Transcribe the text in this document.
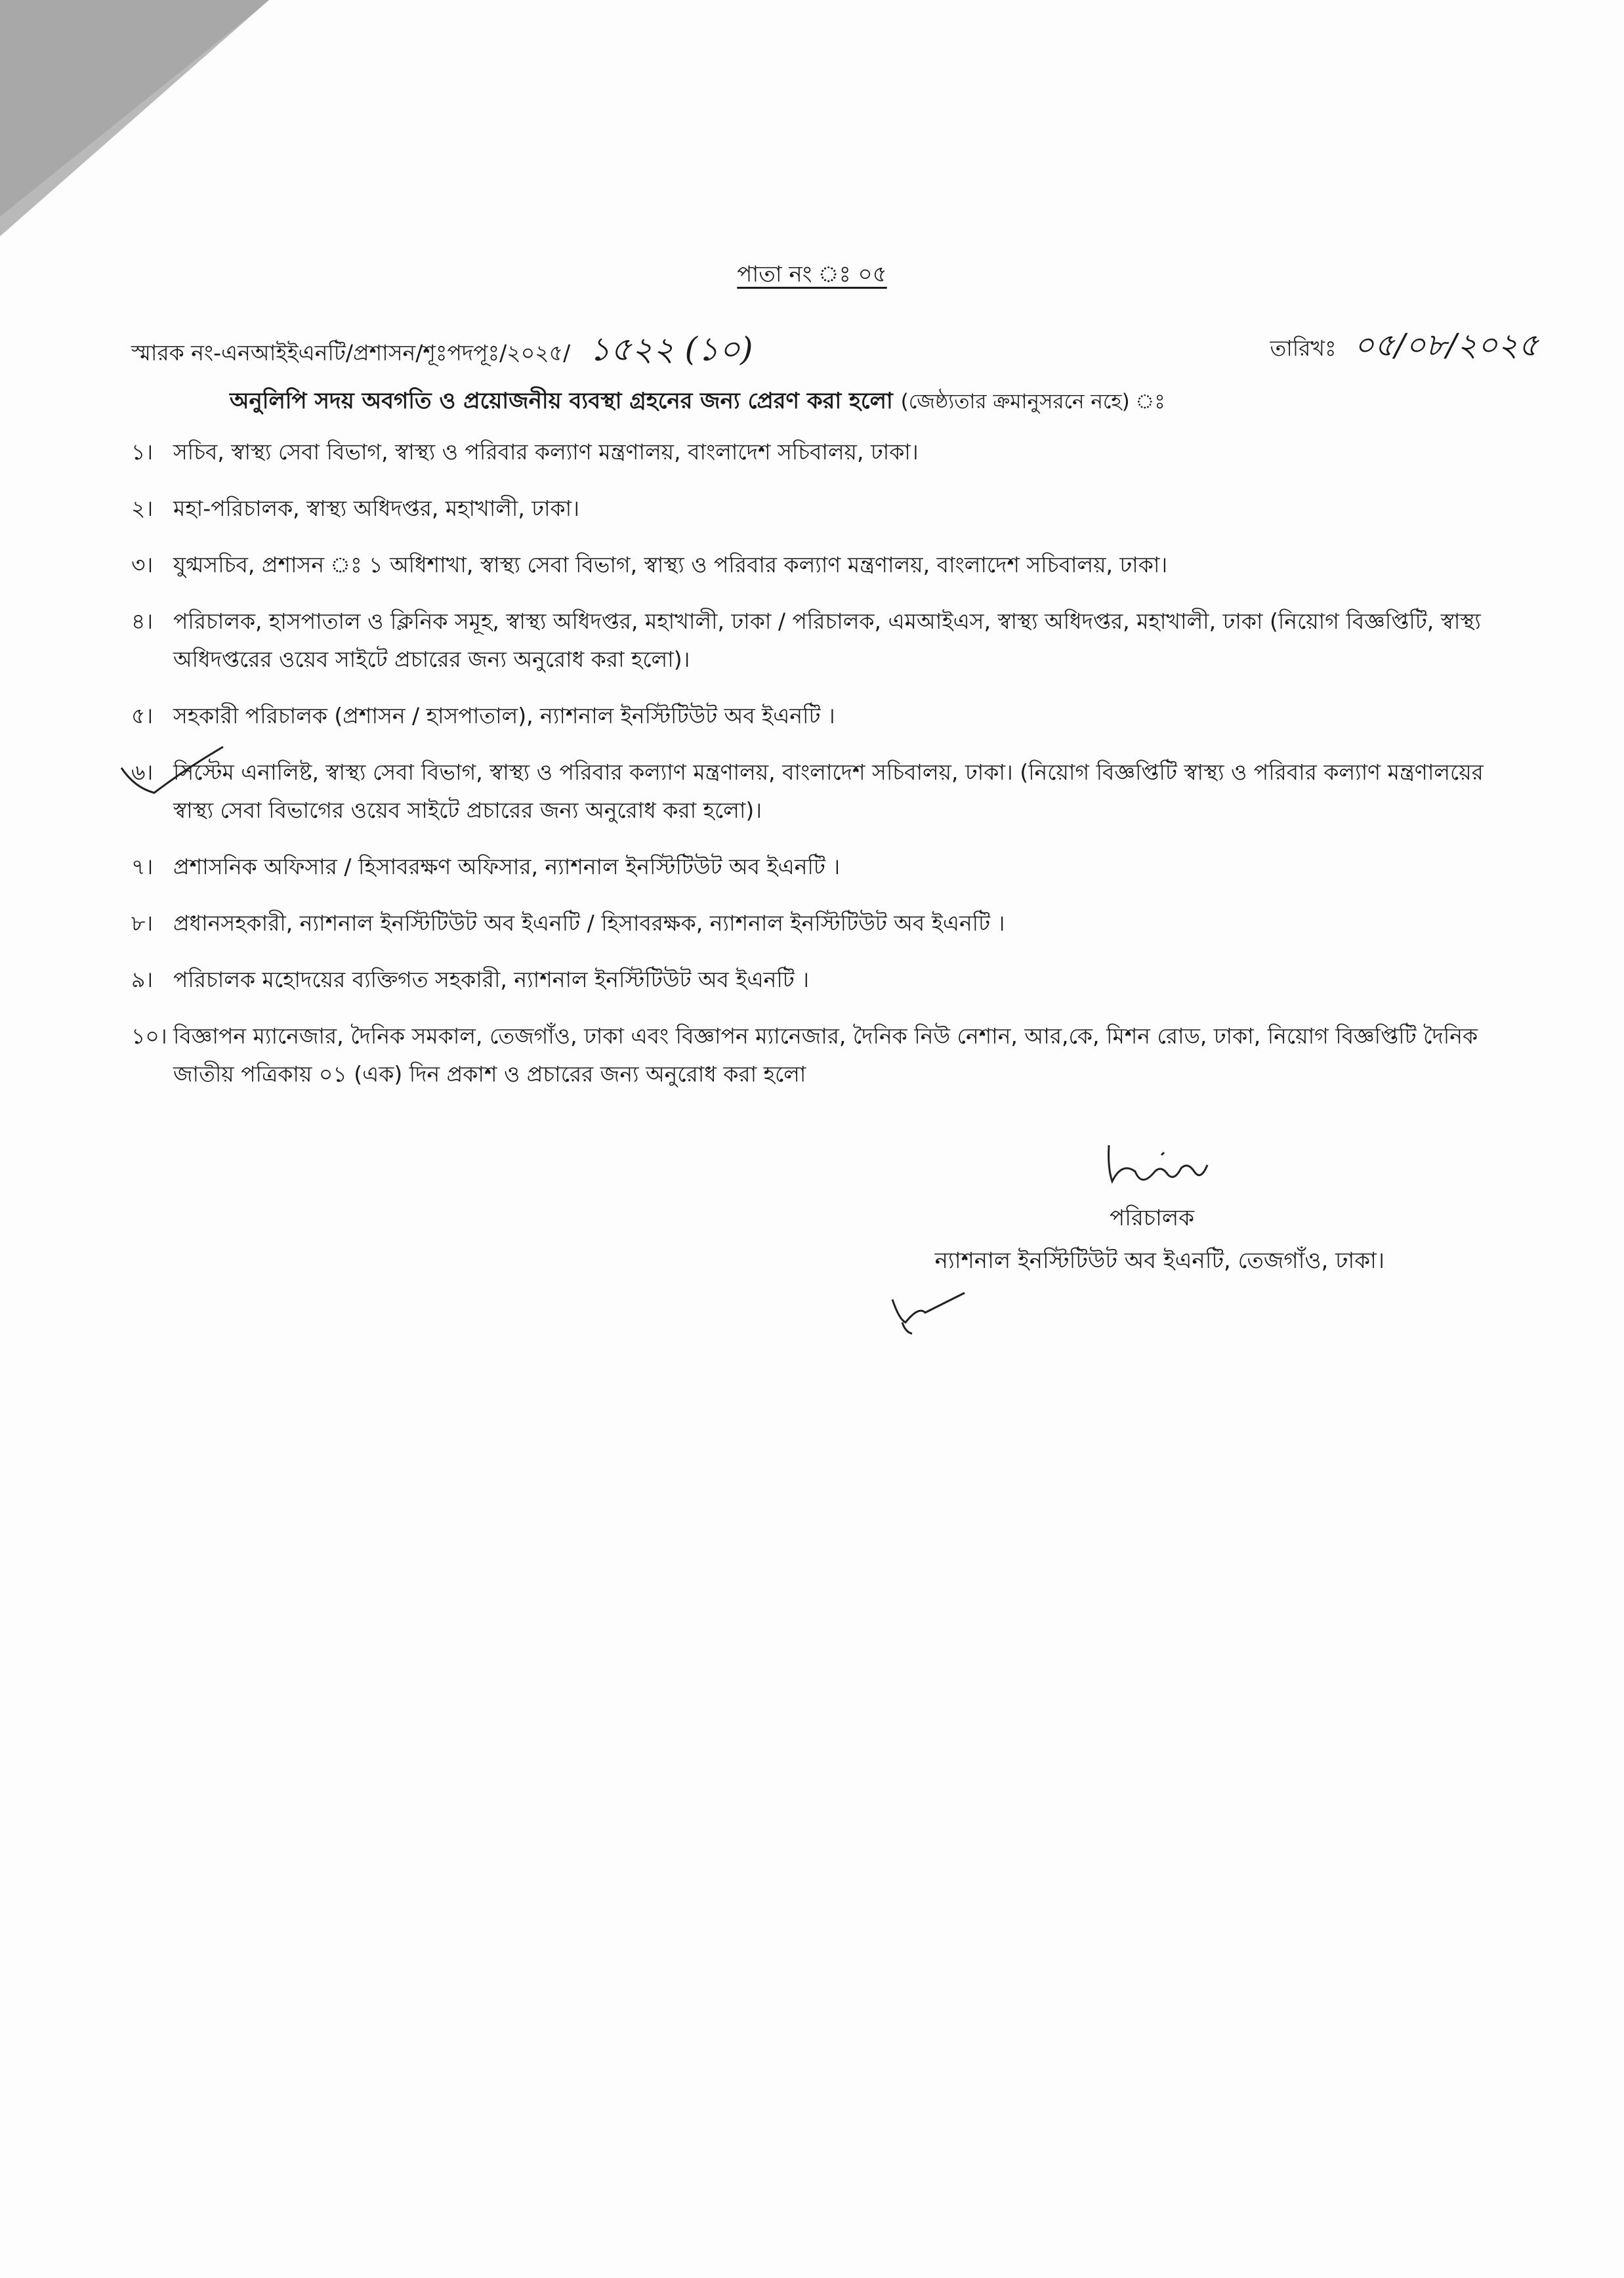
পাতা নং ঃ ০৫
স্মারক নং-এনআইইএনটি/প্রশাসন/শূঃপদপূঃ/২০২৫/ ১৫২২ (১০)	তারিখঃ ০৫/০৮/২০২৫
অনুলিপি সদয় অবগতি ও প্রয়োজনীয় ব্যবস্থা গ্রহনের জন্য প্রেরণ করা হলো (জেষ্ঠ্যতার ক্রমানুসরনে নহে) ঃ
১। সচিব, স্বাস্থ্য সেবা বিভাগ, স্বাস্থ্য ও পরিবার কল্যাণ মন্ত্রণালয়, বাংলাদেশ সচিবালয়, ঢাকা।
২। মহা-পরিচালক, স্বাস্থ্য অধিদপ্তর, মহাখালী, ঢাকা।
৩। যুগ্মসচিব, প্রশাসন ঃ ১ অধিশাখা, স্বাস্থ্য সেবা বিভাগ, স্বাস্থ্য ও পরিবার কল্যাণ মন্ত্রণালয়, বাংলাদেশ সচিবালয়, ঢাকা।
৪। পরিচালক, হাসপাতাল ও ক্লিনিক সমূহ, স্বাস্থ্য অধিদপ্তর, মহাখালী, ঢাকা / পরিচালক, এমআইএস, স্বাস্থ্য অধিদপ্তর, মহাখালী, ঢাকা (নিয়োগ বিজ্ঞপ্তিটি, স্বাস্থ্য অধিদপ্তরের ওয়েব সাইটে প্রচারের জন্য অনুরোধ করা হলো)।
৫। সহকারী পরিচালক (প্রশাসন / হাসপাতাল), ন্যাশনাল ইনস্টিটিউট অব ইএনটি ।
৬। সিস্টেম এনালিষ্ট, স্বাস্থ্য সেবা বিভাগ, স্বাস্থ্য ও পরিবার কল্যাণ মন্ত্রণালয়, বাংলাদেশ সচিবালয়, ঢাকা। (নিয়োগ বিজ্ঞপ্তিটি স্বাস্থ্য ও পরিবার কল্যাণ মন্ত্রণালয়ের স্বাস্থ্য সেবা বিভাগের ওয়েব সাইটে প্রচারের জন্য অনুরোধ করা হলো)।
৭। প্রশাসনিক অফিসার / হিসাবরক্ষণ অফিসার, ন্যাশনাল ইনস্টিটিউট অব ইএনটি ।
৮। প্রধানসহকারী, ন্যাশনাল ইনস্টিটিউট অব ইএনটি / হিসাবরক্ষক, ন্যাশনাল ইনস্টিটিউট অব ইএনটি ।
৯। পরিচালক মহোদয়ের ব্যক্তিগত সহকারী, ন্যাশনাল ইনস্টিটিউট অব ইএনটি ।
১০। বিজ্ঞাপন ম্যানেজার, দৈনিক সমকাল, তেজগাঁও, ঢাকা এবং বিজ্ঞাপন ম্যানেজার, দৈনিক নিউ নেশান, আর,কে, মিশন রোড, ঢাকা, নিয়োগ বিজ্ঞপ্তিটি দৈনিক জাতীয় পত্রিকায় ০১ (এক) দিন প্রকাশ ও প্রচারের জন্য অনুরোধ করা হলো
পরিচালক
ন্যাশনাল ইনস্টিটিউট অব ইএনটি, তেজগাঁও, ঢাকা।
